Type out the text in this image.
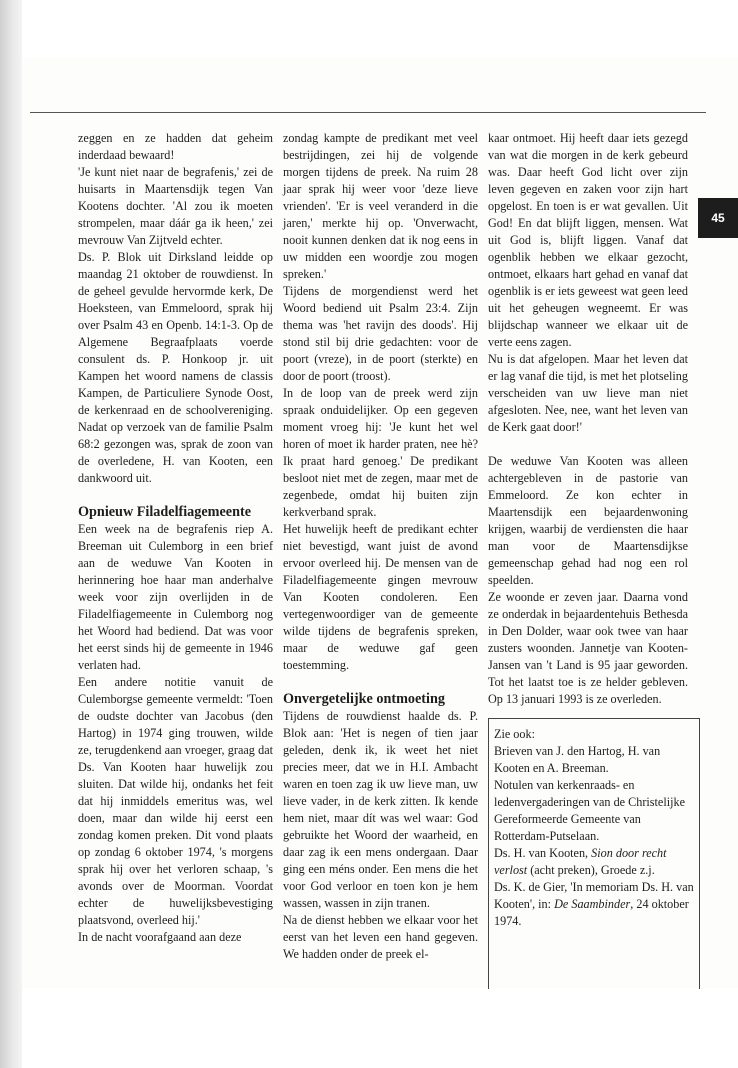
45

zeggen en ze hadden dat geheim inderdaad bewaard!

'Je kunt niet naar de begrafenis,' zei de huisarts in Maartensdijk tegen Van Kootens dochter. 'Al zou ik moeten strompelen, maar dáár ga ik heen,' zei mevrouw Van Zijtveld echter.

Ds. P. Blok uit Dirksland leidde op maandag 21 oktober de rouwdienst. In de geheel gevulde hervormde kerk, De Hoeksteen, van Emmeloord, sprak hij over Psalm 43 en Openb. 14:1-3. Op de Algemene Begraafplaats voerde consulent ds. P. Honkoop jr. uit Kampen het woord namens de classis Kampen, de Particuliere Synode Oost, de kerkenraad en de schoolvereniging. Nadat op verzoek van de familie Psalm 68:2 gezongen was, sprak de zoon van de overledene, H. van Kooten, een dankwoord uit.

Opnieuw Filadelfiagemeente

Een week na de begrafenis riep A. Breeman uit Culemborg in een brief aan de weduwe Van Kooten in herinnering hoe haar man anderhalve week voor zijn overlijden in de Filadelfiagemeente in Culemborg nog het Woord had bediend. Dat was voor het eerst sinds hij de gemeente in 1946 verlaten had.

Een andere notitie vanuit de Culemborgse gemeente vermeldt: 'Toen de oudste dochter van Jacobus (den Hartog) in 1974 ging trouwen, wilde ze, terugdenkend aan vroeger, graag dat Ds. Van Kooten haar huwelijk zou sluiten. Dat wilde hij, ondanks het feit dat hij inmiddels emeritus was, wel doen, maar dan wilde hij eerst een zondag komen preken. Dit vond plaats op zondag 6 oktober 1974, 's morgens sprak hij over het verloren schaap, 's avonds over de Moorman. Voordat echter de huwelijksbevestiging plaatsvond, overleed hij.'

In de nacht voorafgaand aan deze

zondag kampte de predikant met veel bestrijdingen, zei hij de volgende morgen tijdens de preek. Na ruim 28 jaar sprak hij weer voor 'deze lieve vrienden'. 'Er is veel veranderd in die jaren,' merkte hij op. 'Onverwacht, nooit kunnen denken dat ik nog eens in uw midden een woordje zou mogen spreken.'

Tijdens de morgendienst werd het Woord bediend uit Psalm 23:4. Zijn thema was 'het ravijn des doods'. Hij stond stil bij drie gedachten: voor de poort (vreze), in de poort (sterkte) en door de poort (troost).

In de loop van de preek werd zijn spraak onduidelijker. Op een gegeven moment vroeg hij: 'Je kunt het wel horen of moet ik harder praten, nee hè? Ik praat hard genoeg.' De predikant besloot niet met de zegen, maar met de zegenbede, omdat hij buiten zijn kerkverband sprak.

Het huwelijk heeft de predikant echter niet bevestigd, want juist de avond ervoor overleed hij. De mensen van de Filadelfiagemeente gingen mevrouw Van Kooten condoleren. Een vertegenwoordiger van de gemeente wilde tijdens de begrafenis spreken, maar de weduwe gaf geen toestemming.

Onvergetelijke ontmoeting

Tijdens de rouwdienst haalde ds. P. Blok aan: 'Het is negen of tien jaar geleden, denk ik, ik weet het niet precies meer, dat we in H.I. Ambacht waren en toen zag ik uw lieve man, uw lieve vader, in de kerk zitten. Ik kende hem niet, maar dít was wel waar: God gebruikte het Woord der waarheid, en daar zag ik een mens ondergaan. Daar ging een méns onder. Een mens die het voor God verloor en toen kon je hem wassen, wassen in zijn tranen.

Na de dienst hebben we elkaar voor het eerst van het leven een hand gegeven. We hadden onder de preek el-

kaar ontmoet. Hij heeft daar iets gezegd van wat die morgen in de kerk gebeurd was. Daar heeft God licht over zijn leven gegeven en zaken voor zijn hart opgelost. En toen is er wat gevallen. Uit God! En dat blijft liggen, mensen. Wat uit God is, blijft liggen. Vanaf dat ogenblik hebben we elkaar gezocht, ontmoet, elkaars hart gehad en vanaf dat ogenblik is er iets geweest wat geen leed uit het geheugen wegneemt. Er was blijdschap wanneer we elkaar uit de verte eens zagen.

Nu is dat afgelopen. Maar het leven dat er lag vanaf die tijd, is met het plotseling verscheiden van uw lieve man niet afgesloten. Nee, nee, want het leven van de Kerk gaat door!'

De weduwe Van Kooten was alleen achtergebleven in de pastorie van Emmeloord. Ze kon echter in Maartensdijk een bejaardenwoning krijgen, waarbij de verdiensten die haar man voor de Maartensdijkse gemeenschap gehad had nog een rol speelden.

Ze woonde er zeven jaar. Daarna vond ze onderdak in bejaardentehuis Bethesda in Den Dolder, waar ook twee van haar zusters woonden. Jannetje van Kooten-Jansen van 't Land is 95 jaar geworden. Tot het laatst toe is ze helder gebleven. Op 13 januari 1993 is ze overleden.

Zie ook:

Brieven van J. den Hartog, H. van Kooten en A. Breeman.

Notulen van kerkenraads- en ledenvergaderingen van de Christelijke Gereformeerde Gemeente van Rotterdam-Putselaan.

Ds. H. van Kooten, Sion door recht verlost (acht preken), Groede z.j.

Ds. K. de Gier, 'In memoriam Ds. H. van Kooten', in: De Saambinder, 24 oktober 1974.
